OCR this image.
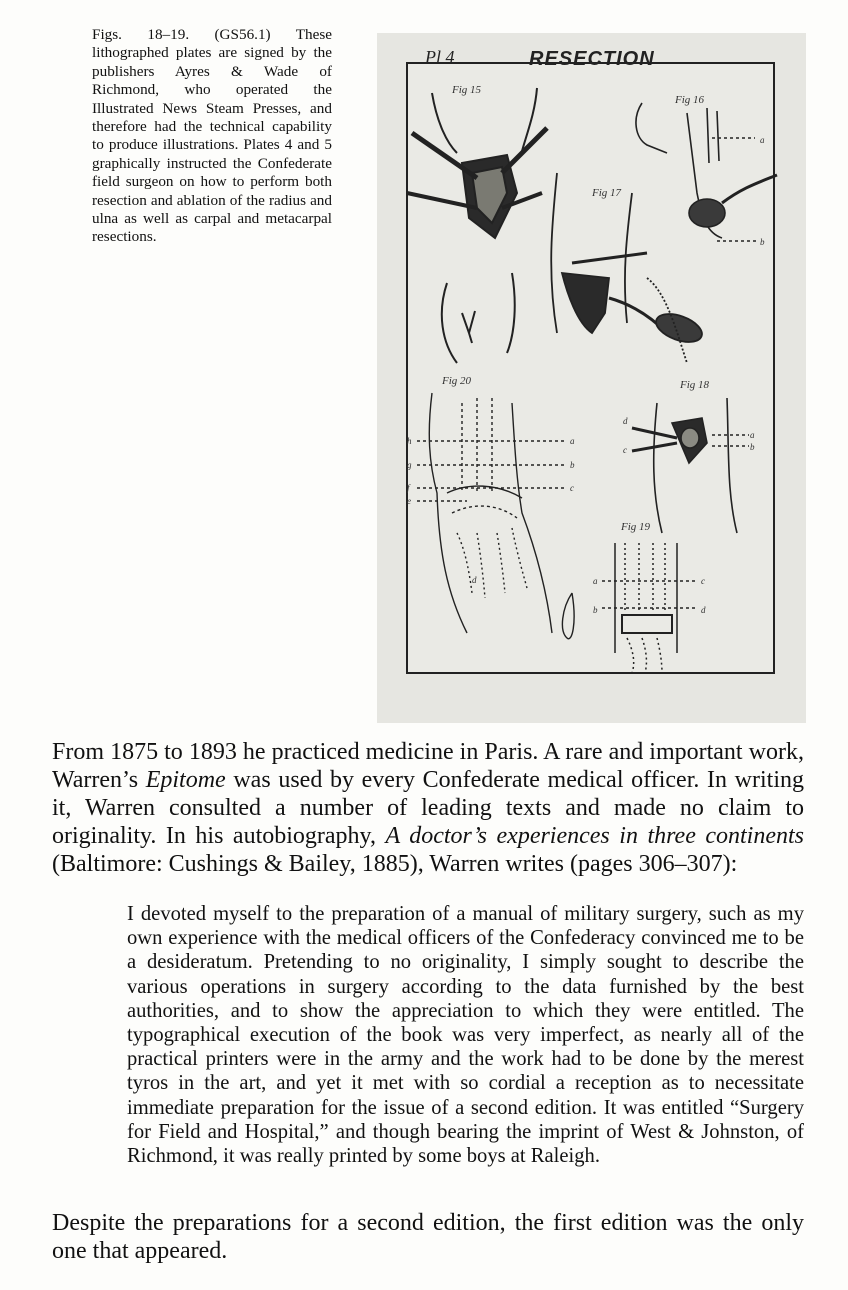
Figs. 18–19. (GS56.1) These lithographed plates are signed by the publishers Ayres & Wade of Richmond, who operated the Illustrated News Steam Presses, and therefore had the technical capability to produce illustrations. Plates 4 and 5 graphically instructed the Confederate field surgeon on how to perform both resection and ablation of the radius and ulna as well as carpal and metacarpal resections.

Pl 4	RESECTION
Fig 15
Fig 16
Fig 17
Fig 18
Fig 19
Fig 20
a
b
a
b
c
h
g
f
e
d
a
b
c
d
c
a
b	d

From 1875 to 1893 he practiced medicine in Paris. A rare and important work, Warren’s Epitome was used by every Confederate medical officer. In writing it, Warren consulted a number of leading texts and made no claim to originality. In his autobiography, A doctor’s experiences in three continents (Baltimore: Cushings & Bailey, 1885), Warren writes (pages 306–307):

I devoted myself to the preparation of a manual of military surgery, such as my own experience with the medical officers of the Confederacy convinced me to be a desideratum. Pretending to no originality, I simply sought to describe the various operations in surgery according to the data furnished by the best authorities, and to show the appreciation to which they were entitled. The typographical execution of the book was very imperfect, as nearly all of the practical printers were in the army and the work had to be done by the merest tyros in the art, and yet it met with so cordial a reception as to necessitate immediate preparation for the issue of a second edition. It was entitled “Surgery for Field and Hospital,” and though bearing the imprint of West & Johnston, of Richmond, it was really printed by some boys at Raleigh.

Despite the preparations for a second edition, the first edition was the only one that appeared.
